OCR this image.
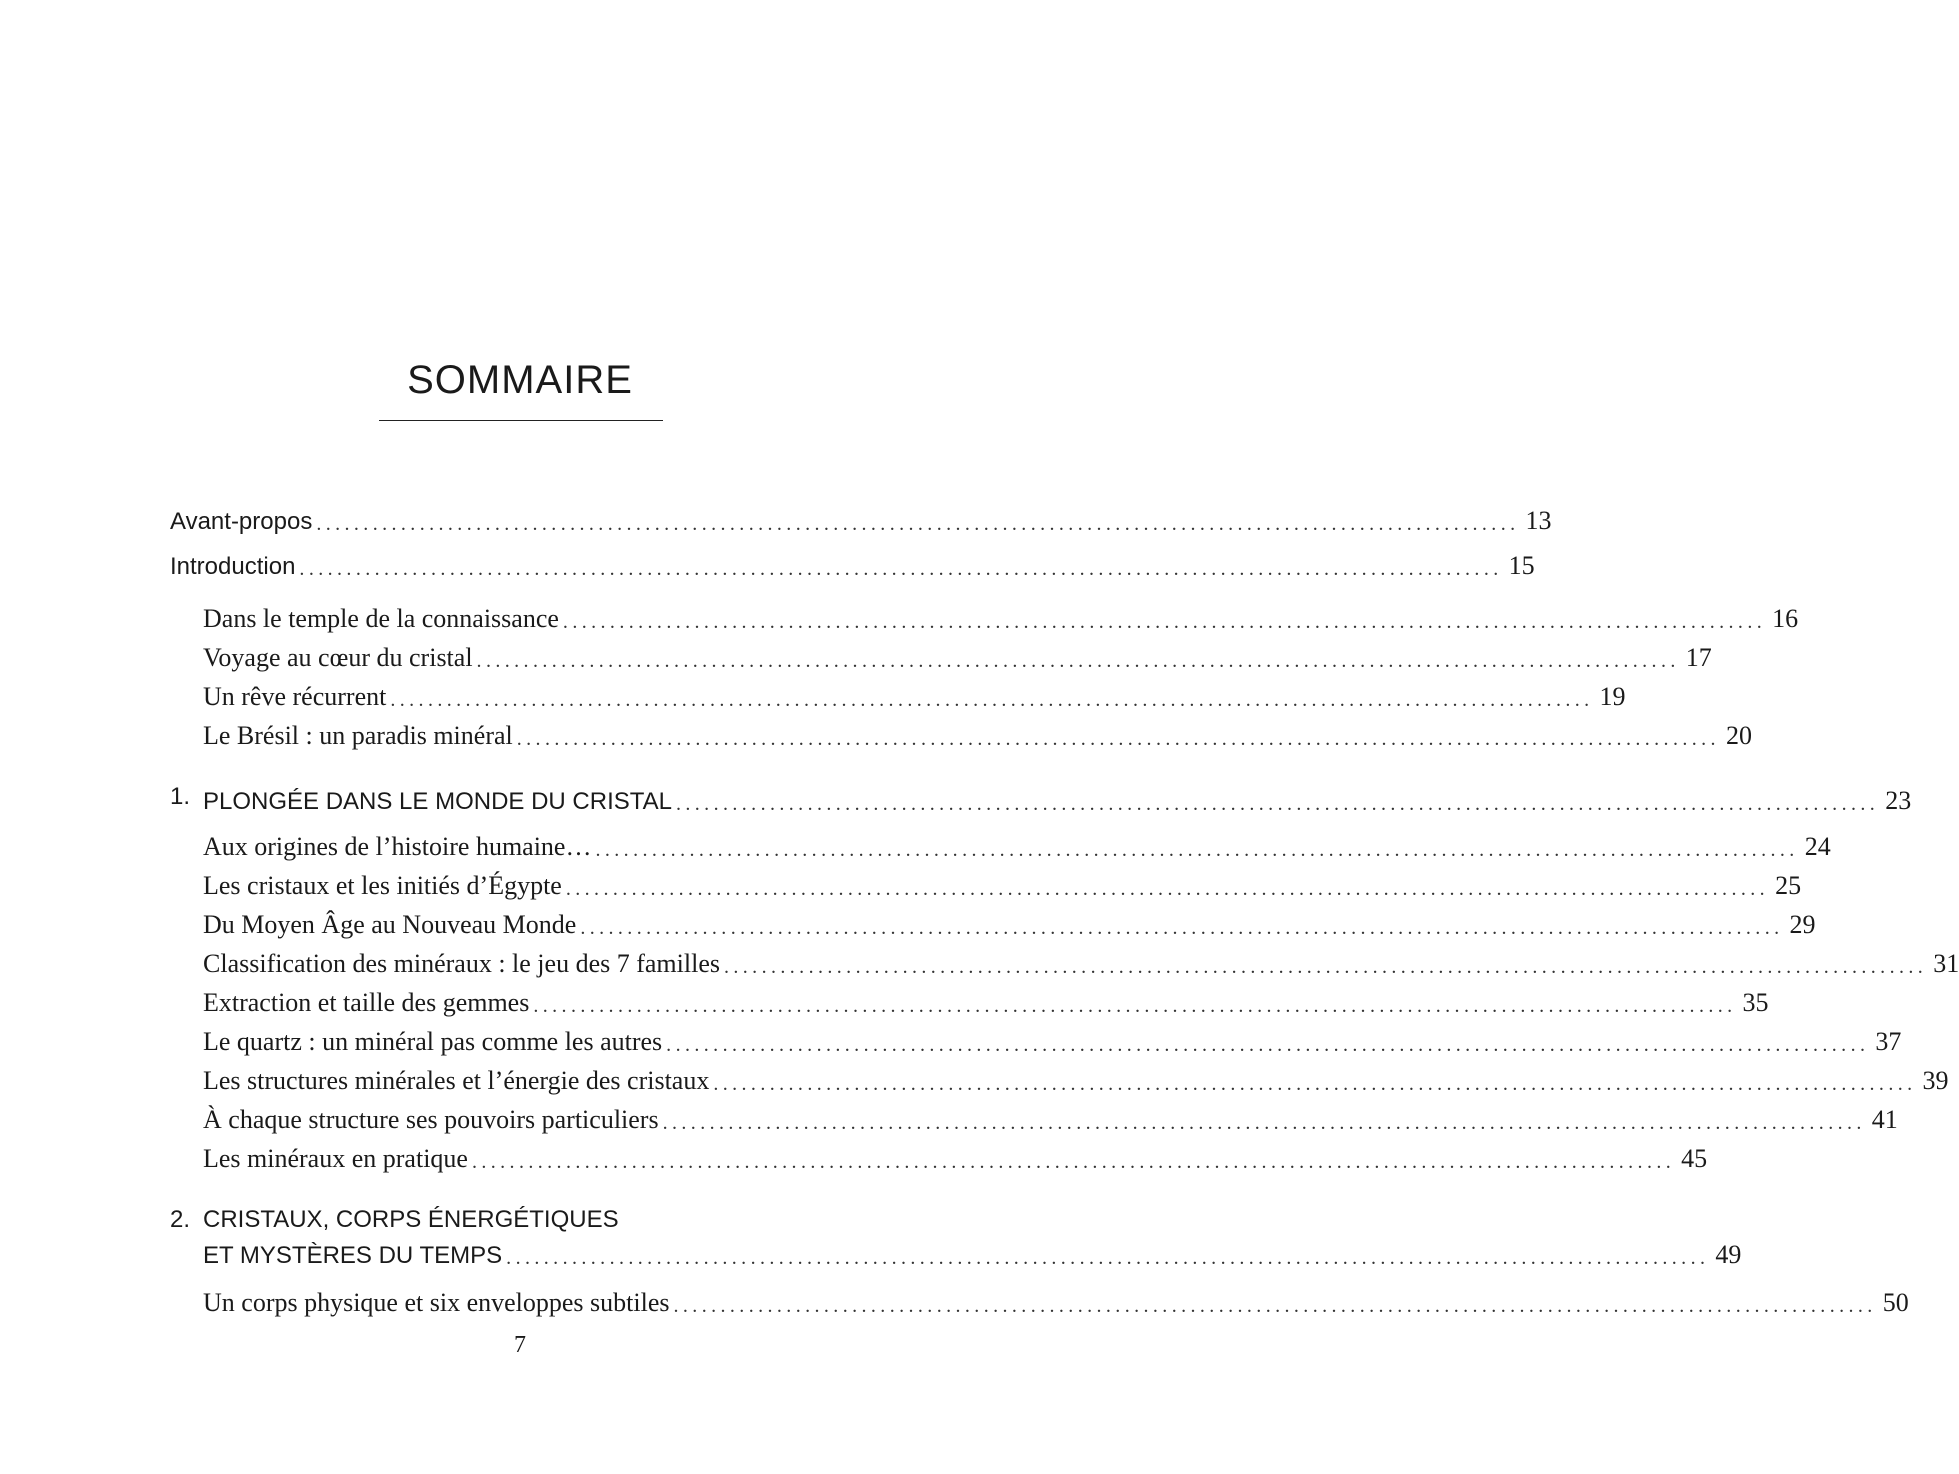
SOMMAIRE
Avant-propos ................................................................................................................................ 13
Introduction ................................................................................................................................ 15
Dans le temple de la connaissance ................................................................................................................................ 16
Voyage au cœur du cristal ................................................................................................................................ 17
Un rêve récurrent ................................................................................................................................ 19
Le Brésil : un paradis minéral ................................................................................................................................ 20
1. PLONGÉE DANS LE MONDE DU CRISTAL ................................................................................................................................ 23
Aux origines de l’histoire humaine… ................................................................................................................................ 24
Les cristaux et les initiés d’Égypte ................................................................................................................................ 25
Du Moyen Âge au Nouveau Monde ................................................................................................................................ 29
Classification des minéraux : le jeu des 7 familles ................................................................................................................................ 31
Extraction et taille des gemmes ................................................................................................................................ 35
Le quartz : un minéral pas comme les autres ................................................................................................................................ 37
Les structures minérales et l’énergie des cristaux ................................................................................................................................ 39
À chaque structure ses pouvoirs particuliers ................................................................................................................................ 41
Les minéraux en pratique ................................................................................................................................ 45
2. CRISTAUX, CORPS ÉNERGÉTIQUES
ET MYSTÈRES DU TEMPS ................................................................................................................................ 49
Un corps physique et six enveloppes subtiles ................................................................................................................................ 50
7
